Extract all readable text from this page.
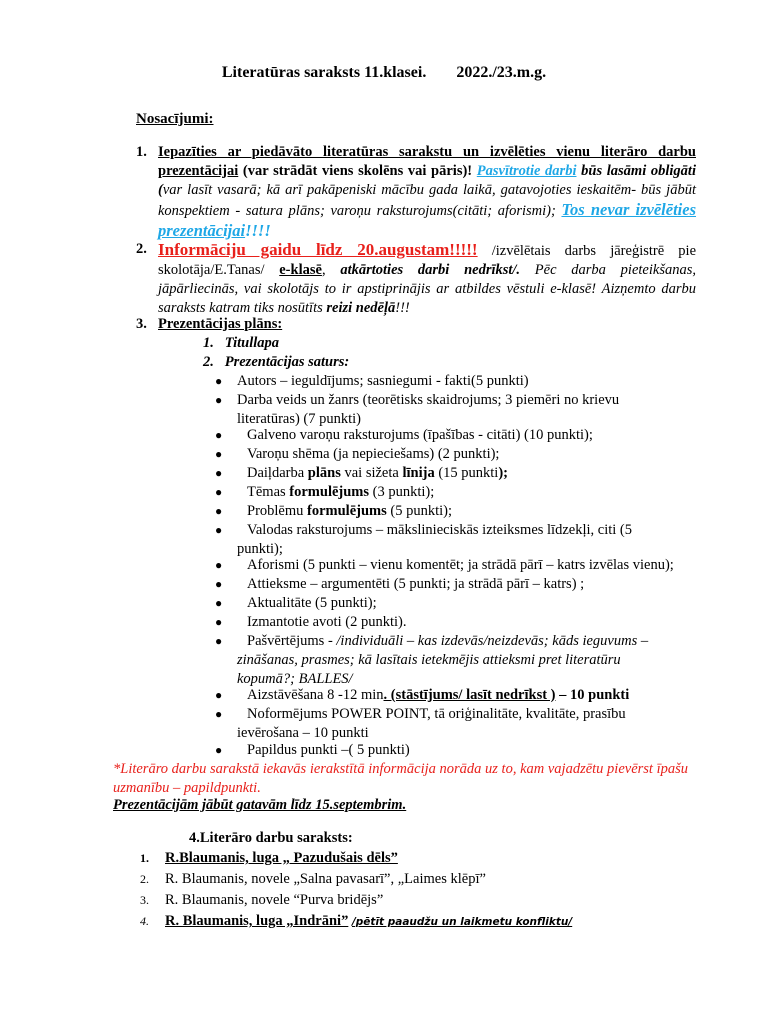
Literatūras saraksts 11.klasei. 2022./23.m.g.
Nosacījumi:
1. Iepazīties ar piedāvāto literatūras sarakstu un izvēlēties vienu literāro darbu prezentācijai (var strādāt viens skolēns vai pāris)! Pasvītrotie darbi būs lasāmi obligāti (var lasīt vasarā; kā arī pakāpeniski mācību gada laikā, gatavojoties ieskaitēm- būs jābūt konspektiem - satura plāns; varoņu raksturojums(citāti; aforismi); Tos nevar izvēlēties prezentācijai!!!!
2. Informāciju gaidu līdz 20.augustam!!!!! /izvēlētais darbs jāreģistrē pie skolotāja/E.Tanas/ e-klasē, atkārtoties darbi nedrīkst/. Pēc darba pieteikšanas, jāpārliecinās, vai skolotājs to ir apstiprinājis ar atbildes vēstuli e-klasē! Aizņemto darbu saraksts katram tiks nosūtīts reizi nedēļā!!!
3. Prezentācijas plāns:
1. Titullapa
2. Prezentācijas saturs:
● Autors – ieguldījums; sasniegumi - fakti(5 punkti)
● Darba veids un žanrs (teorētisks skaidrojums; 3 piemēri no krievu literatūras) (7 punkti)
●	Galveno varoņu raksturojums (īpašības - citāti) (10 punkti);
●	Varoņu shēma (ja nepieciešams) (2 punkti);
●	Daiļdarba plāns vai sižeta līnija (15 punkti);
●	Tēmas formulējums (3 punkti);
●	Problēmu formulējums (5 punkti);
●	Valodas raksturojums – mākslinieciskās izteiksmes līdzekļi, citi (5 punkti);
●	Aforismi (5 punkti – vienu komentēt; ja strādā pārī – katrs izvēlas vienu);
●	Attieksme – argumentēti (5 punkti; ja strādā pārī – katrs) ;
●	Aktualitāte (5 punkti);
●	Izmantotie avoti (2 punkti).
●	Pašvērtējums - /individuāli – kas izdevās/neizdevās; kāds ieguvums – zināšanas, prasmes; kā lasītais ietekmējis attieksmi pret literatūru kopumā?; BALLES/
●	Aizstāvēšana 8 -12 min. (stāstījums/ lasīt nedrīkst ) – 10 punkti
●	Noformējums POWER POINT, tā oriģinalitāte, kvalitāte, prasību ievērošana – 10 punkti
●	Papildus punkti –( 5 punkti)
*Literāro darbu sarakstā iekavās ierakstītā informācija norāda uz to, kam vajadzētu pievērst īpašu uzmanību – papildpunkti.
Prezentācijām jābūt gatavām līdz 15.septembrim.
4.Literāro darbu saraksts:
1. R.Blaumanis, luga „ Pazudušais dēls”
2. R. Blaumanis, novele „Salna pavasarī”, „Laimes klēpī”
3. R. Blaumanis, novele “Purva bridējs”
4. R. Blaumanis, luga „Indrāni” /pētīt paaudžu un laikmetu konfliktu/
